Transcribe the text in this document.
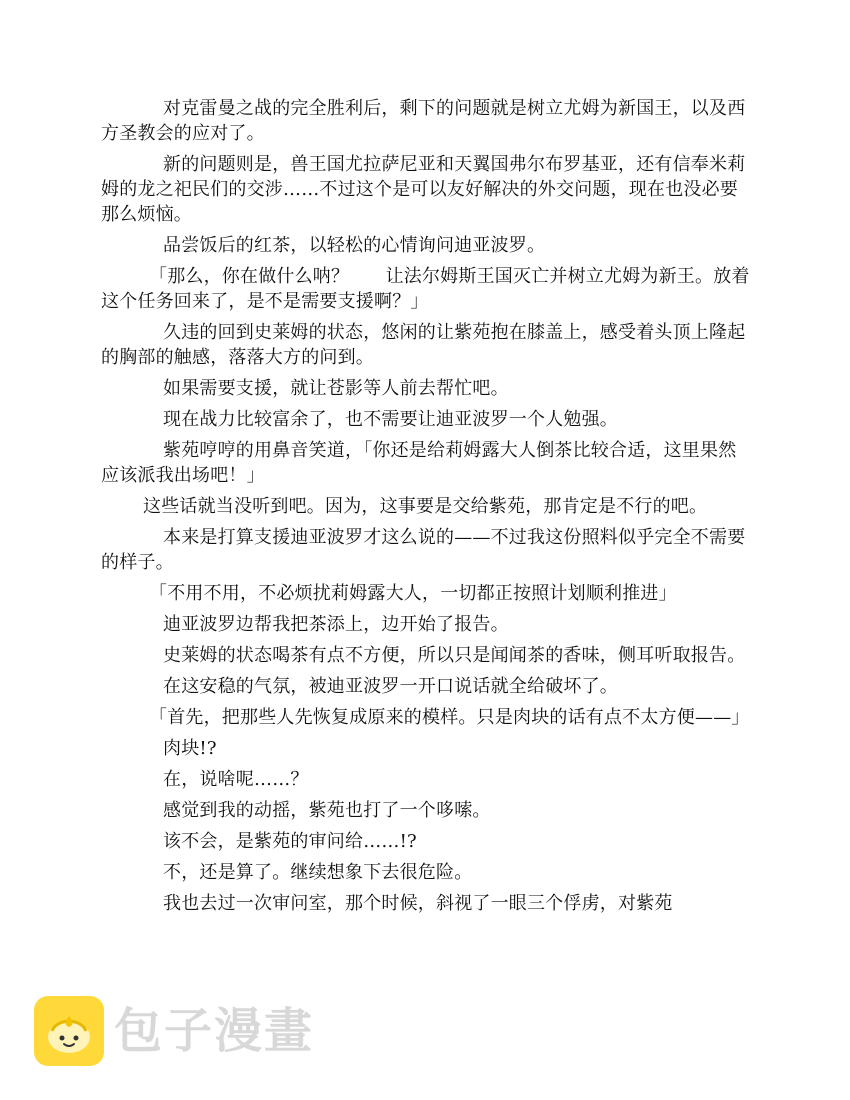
对克雷曼之战的完全胜利后，剩下的问题就是树立尤姆为新国王，以及西方圣教会的应对了。

新的问题则是，兽王国尤拉萨尼亚和天翼国弗尔布罗基亚，还有信奉米莉姆的龙之祀民们的交涉……不过这个是可以友好解决的外交问题，现在也没必要那么烦恼。

品尝饭后的红茶，以轻松的心情询问迪亚波罗。

「那么，你在做什么呐？　　让法尔姆斯王国灭亡并树立尤姆为新王。放着这个任务回来了，是不是需要支援啊？」

久违的回到史莱姆的状态，悠闲的让紫苑抱在膝盖上，感受着头顶上隆起的胸部的触感，落落大方的问到。

如果需要支援，就让苍影等人前去帮忙吧。

现在战力比较富余了，也不需要让迪亚波罗一个人勉强。

紫苑哼哼的用鼻音笑道，「你还是给莉姆露大人倒茶比较合适，这里果然应该派我出场吧！」

这些话就当没听到吧。因为，这事要是交给紫苑，那肯定是不行的吧。

本来是打算支援迪亚波罗才这么说的——不过我这份照料似乎完全不需要的样子。

「不用不用，不必烦扰莉姆露大人，一切都正按照计划顺利推进」

迪亚波罗边帮我把茶添上，边开始了报告。

史莱姆的状态喝茶有点不方便，所以只是闻闻茶的香味，侧耳听取报告。

在这安稳的气氛，被迪亚波罗一开口说话就全给破坏了。

「首先，把那些人先恢复成原来的模样。只是肉块的话有点不太方便——」

肉块!?

在，说啥呢……？

感觉到我的动摇，紫苑也打了一个哆嗦。

该不会，是紫苑的审问给……!?

不，还是算了。继续想象下去很危险。

我也去过一次审问室，那个时候，斜视了一眼三个俘虏，对紫苑

包子漫畫
